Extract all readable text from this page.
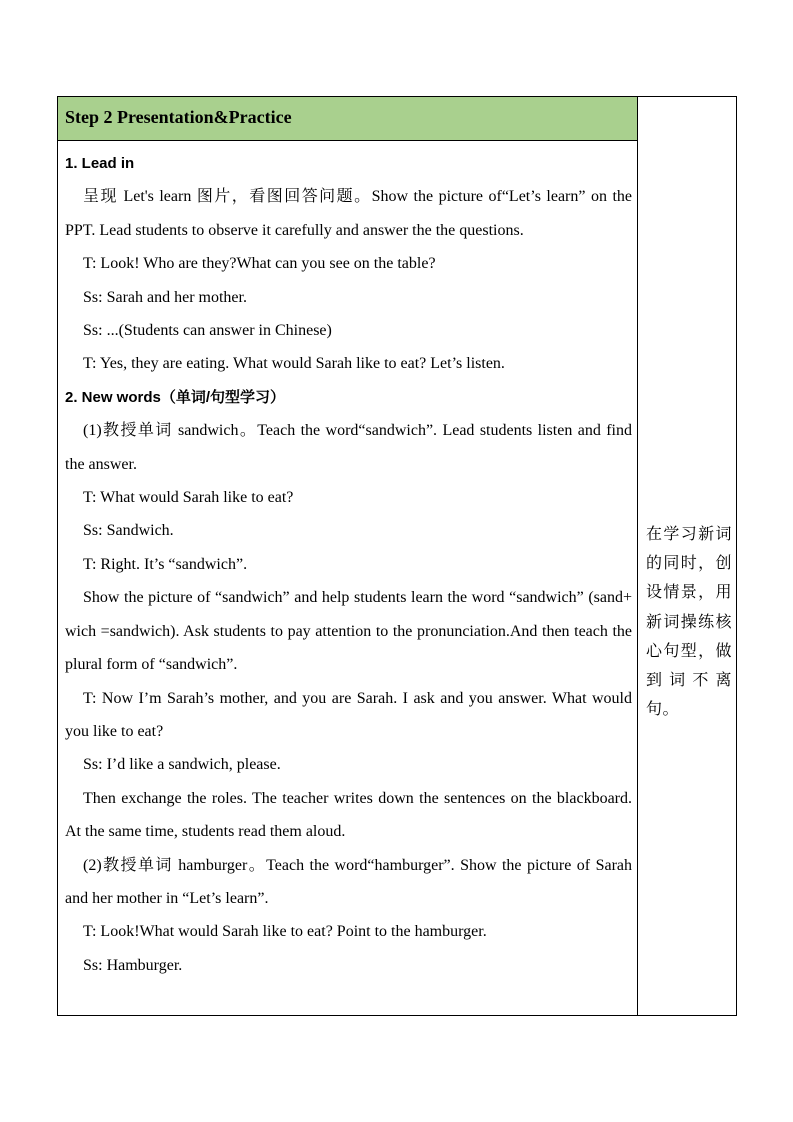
Step 2 Presentation&Practice

1. Lead in

呈现 Let's learn 图片，看图回答问题。Show the picture of“Let’s learn” on the PPT. Lead students to observe it carefully and answer the the questions.

T: Look! Who are they?What can you see on the table?

Ss: Sarah and her mother.

Ss: ...(Students can answer in Chinese)

T: Yes, they are eating. What would Sarah like to eat? Let’s listen.

2. New words（单词/句型学习）

(1)教授单词 sandwich。Teach the word“sandwich”. Lead students listen and find the answer.

T: What would Sarah like to eat?

Ss: Sandwich.

T: Right. It’s “sandwich”.

Show the picture of “sandwich” and help students learn the word “sandwich” (sand+ wich =sandwich). Ask students to pay attention to the pronunciation.And then teach the plural form of “sandwich”.

T: Now I’m Sarah’s mother, and you are Sarah. I ask and you answer. What would you like to eat?

Ss: I’d like a sandwich, please.

Then exchange the roles. The teacher writes down the sentences on the blackboard. At the same time, students read them aloud.

(2)教授单词 hamburger。Teach the word“hamburger”. Show the picture of Sarah and her mother in “Let’s learn”.

T: Look!What would Sarah like to eat? Point to the hamburger.

Ss: Hamburger.

在学习新词的同时，创设情景，用新词操练核心句型，做到词不离句。
